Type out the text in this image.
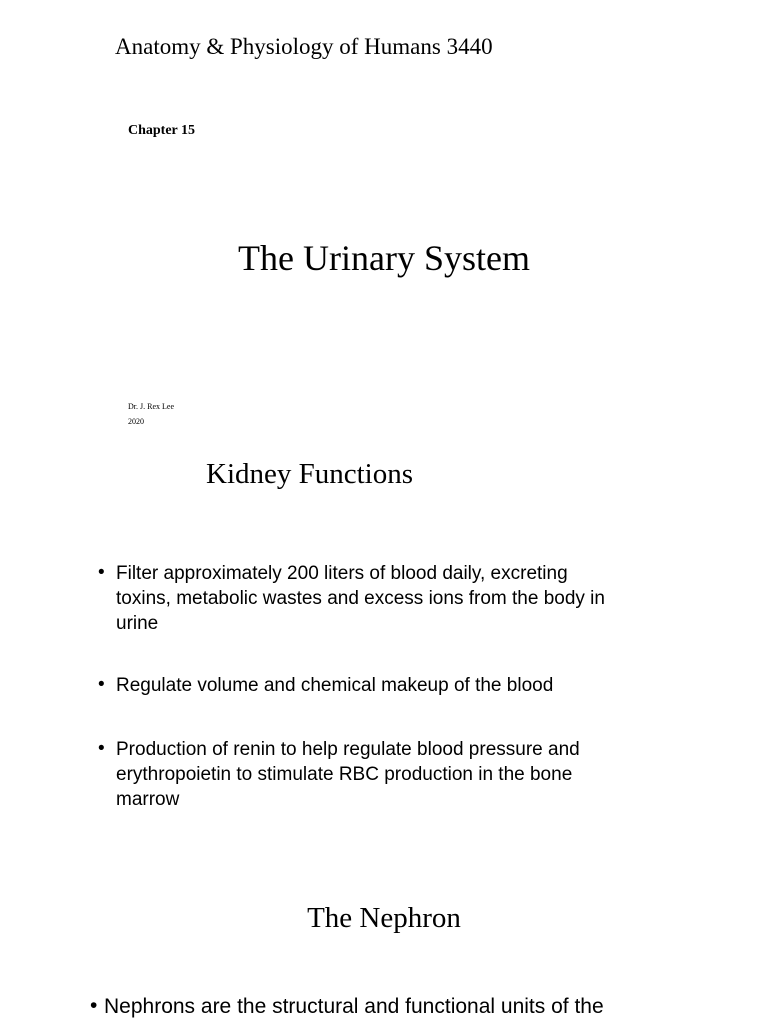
Anatomy & Physiology of Humans 3440
Chapter 15
The Urinary System
Dr. J. Rex Lee
2020
Kidney Functions
• Filter approximately 200 liters of blood daily, excreting
toxins, metabolic wastes and excess ions from the body in
urine
• Regulate volume and chemical makeup of the blood
• Production of renin to help regulate blood pressure and
erythropoietin to stimulate RBC production in the bone
marrow
The Nephron
• Nephrons are the structural and functional units of the
